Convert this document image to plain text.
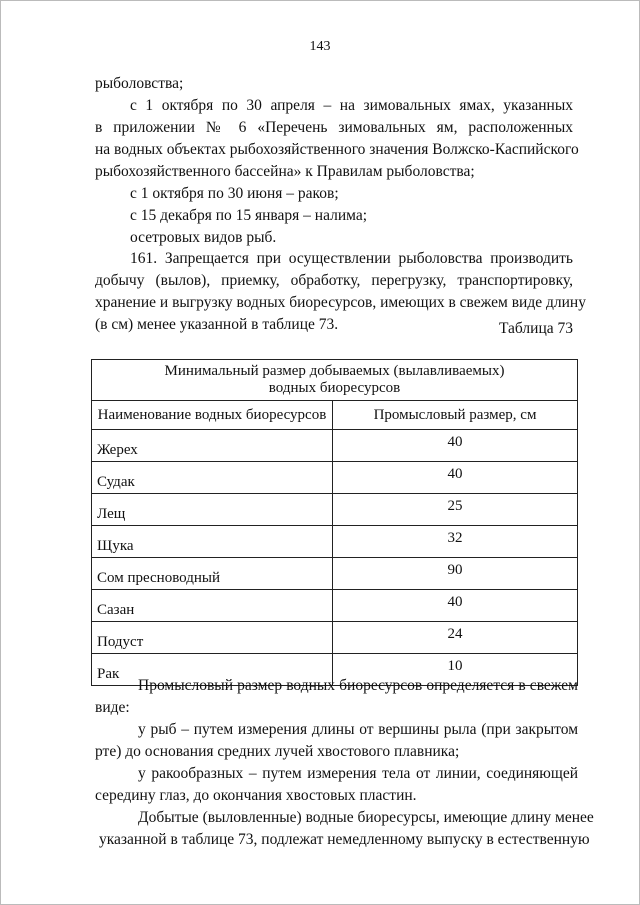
143
рыболовства;
с 1 октября по 30 апреля – на зимовальных ямах, указанных
в приложении № 6 «Перечень зимовальных ям, расположенных
на водных объектах рыбохозяйственного значения Волжско-Каспийского
рыбохозяйственного бассейна» к Правилам рыболовства;
с 1 октября по 30 июня – раков;
с 15 декабря по 15 января – налима;
осетровых видов рыб.
161. Запрещается при осуществлении рыболовства производить
добычу (вылов), приемку, обработку, перегрузку, транспортировку,
хранение и выгрузку водных биоресурсов, имеющих в свежем виде длину
(в см) менее указанной в таблице 73.	Таблица 73
Минимальный размер добываемых (вылавливаемых)
водных биоресурсов	
Наименование водных биоресурсов	Промысловый размер, см
Жерех	40
Судак	40
Лещ	25
Щука	32
Сом пресноводный	90
Сазан	40
Подуст	24
Рак	10
Промысловый размер водных биоресурсов определяется в свежем
виде:
у рыб – путем измерения длины от вершины рыла (при закрытом
рте) до основания средних лучей хвостового плавника;
у ракообразных – путем измерения тела от линии, соединяющей
середину глаз, до окончания хвостовых пластин.
Добытые (выловленные) водные биоресурсы, имеющие длину менее
указанной в таблице 73, подлежат немедленному выпуску в естественную
